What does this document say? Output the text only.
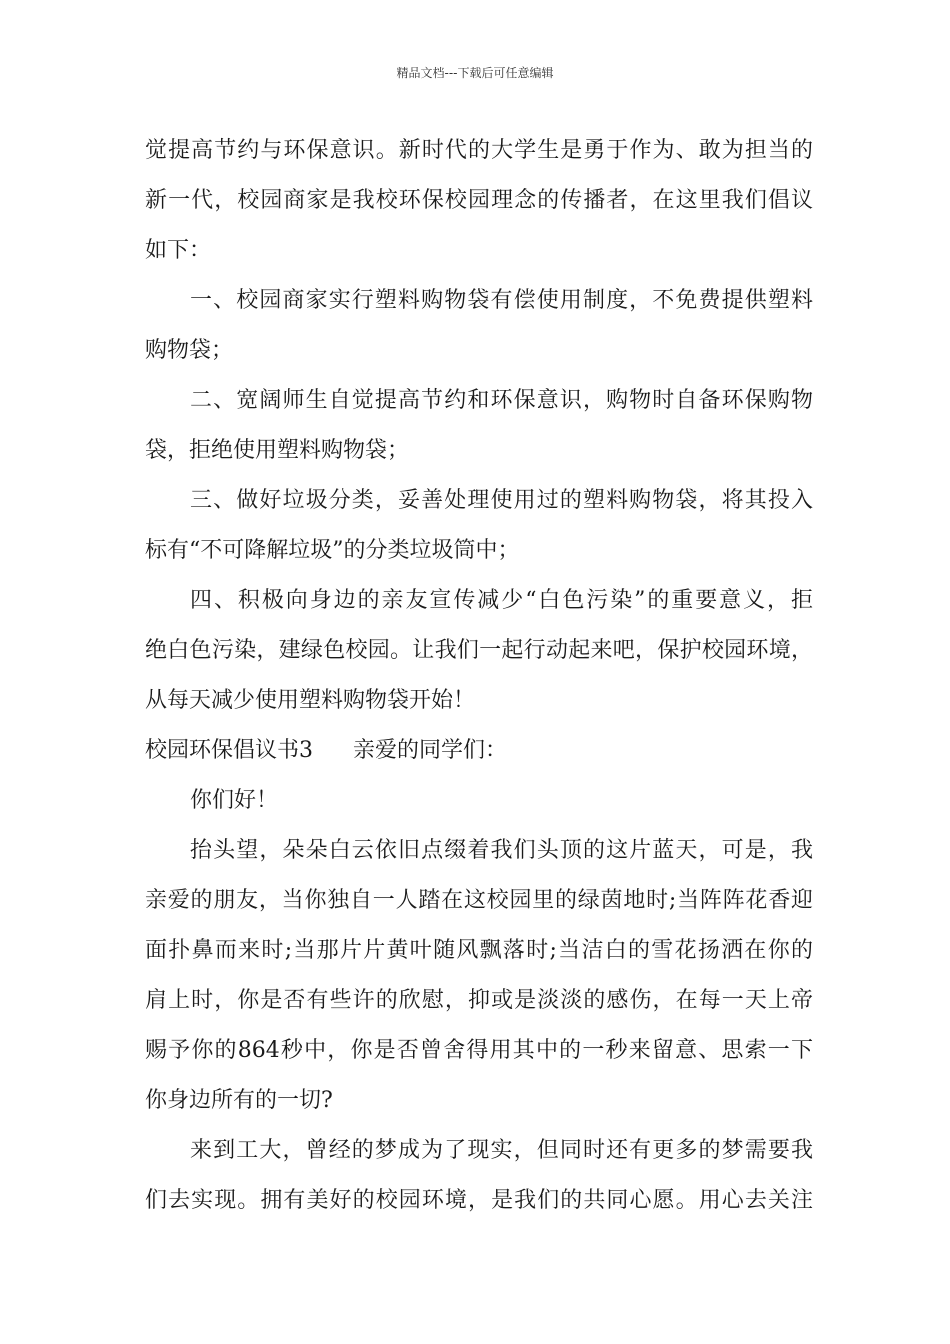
精品文档---下载后可任意编辑
觉提高节约与环保意识。新时代的大学生是勇于作为、敢为担当的
新一代，校园商家是我校环保校园理念的传播者，在这里我们倡议
如下：
一、校园商家实行塑料购物袋有偿使用制度，不免费提供塑料
购物袋；
二、宽阔师生自觉提高节约和环保意识，购物时自备环保购物
袋，拒绝使用塑料购物袋；
三、做好垃圾分类，妥善处理使用过的塑料购物袋，将其投入
标有“不可降解垃圾”的分类垃圾筒中；
四、积极向身边的亲友宣传减少“白色污染”的重要意义，拒
绝白色污染，建绿色校园。让我们一起行动起来吧，保护校园环境，
从每天减少使用塑料购物袋开始！
校园环保倡议书3 亲爱的同学们：
你们好！
抬头望，朵朵白云依旧点缀着我们头顶的这片蓝天，可是，我
亲爱的朋友，当你独自一人踏在这校园里的绿茵地时;当阵阵花香迎
面扑鼻而来时;当那片片黄叶随风飘落时;当洁白的雪花扬洒在你的
肩上时，你是否有些许的欣慰，抑或是淡淡的感伤，在每一天上帝
赐予你的864秒中，你是否曾舍得用其中的一秒来留意、思索一下
你身边所有的一切?
来到工大，曾经的梦成为了现实，但同时还有更多的梦需要我
们去实现。拥有美好的校园环境，是我们的共同心愿。用心去关注
